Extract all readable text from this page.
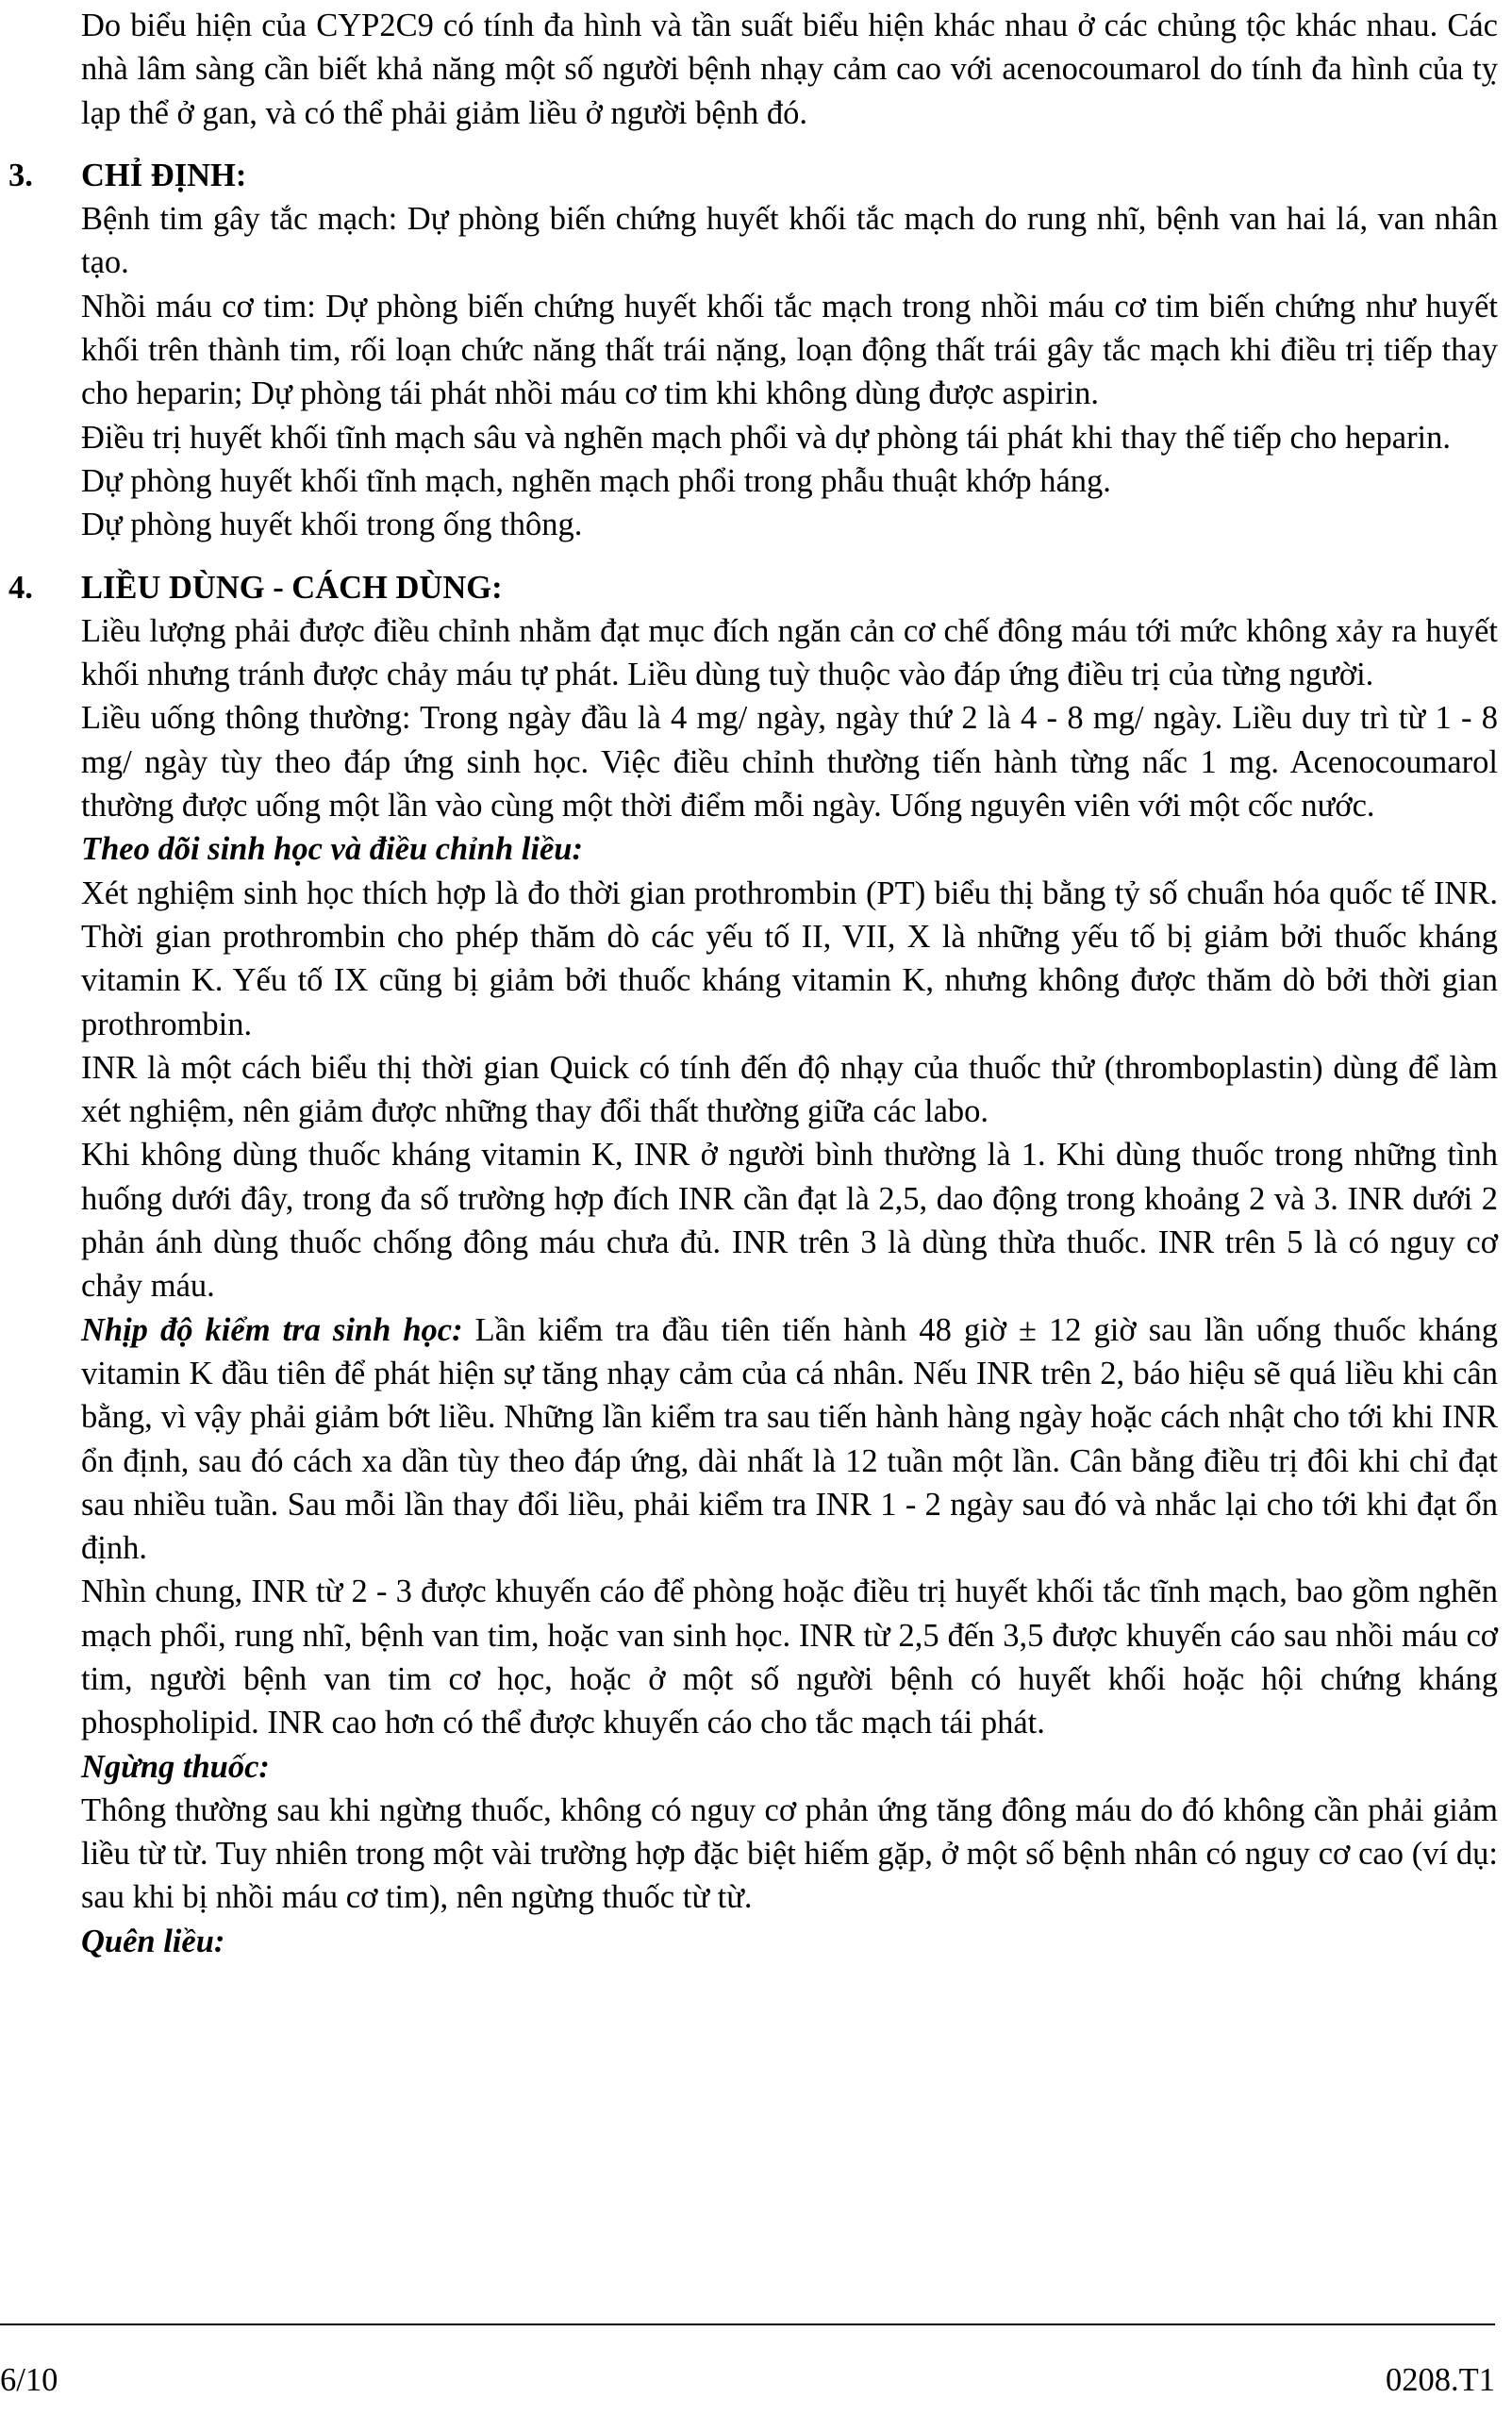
Do biểu hiện của CYP2C9 có tính đa hình và tần suất biểu hiện khác nhau ở các chủng tộc khác nhau. Các nhà lâm sàng cần biết khả năng một số người bệnh nhạy cảm cao với acenocoumarol do tính đa hình của tỵ lạp thể ở gan, và có thể phải giảm liều ở người bệnh đó.

3.	CHỈ ĐỊNH:

Bệnh tim gây tắc mạch: Dự phòng biến chứng huyết khối tắc mạch do rung nhĩ, bệnh van hai lá, van nhân tạo.

Nhồi máu cơ tim: Dự phòng biến chứng huyết khối tắc mạch trong nhồi máu cơ tim biến chứng như huyết khối trên thành tim, rối loạn chức năng thất trái nặng, loạn động thất trái gây tắc mạch khi điều trị tiếp thay cho heparin; Dự phòng tái phát nhồi máu cơ tim khi không dùng được aspirin.

Điều trị huyết khối tĩnh mạch sâu và nghẽn mạch phổi và dự phòng tái phát khi thay thế tiếp cho heparin.

Dự phòng huyết khối tĩnh mạch, nghẽn mạch phổi trong phẫu thuật khớp háng.

Dự phòng huyết khối trong ống thông.

4.	LIỀU DÙNG - CÁCH DÙNG:

Liều lượng phải được điều chỉnh nhằm đạt mục đích ngăn cản cơ chế đông máu tới mức không xảy ra huyết khối nhưng tránh được chảy máu tự phát. Liều dùng tuỳ thuộc vào đáp ứng điều trị của từng người.

Liều uống thông thường: Trong ngày đầu là 4 mg/ ngày, ngày thứ 2 là 4 - 8 mg/ ngày. Liều duy trì từ 1 - 8 mg/ ngày tùy theo đáp ứng sinh học. Việc điều chỉnh thường tiến hành từng nấc 1 mg. Acenocoumarol thường được uống một lần vào cùng một thời điểm mỗi ngày. Uống nguyên viên với một cốc nước.

Theo dõi sinh học và điều chỉnh liều:

Xét nghiệm sinh học thích hợp là đo thời gian prothrombin (PT) biểu thị bằng tỷ số chuẩn hóa quốc tế INR. Thời gian prothrombin cho phép thăm dò các yếu tố II, VII, X là những yếu tố bị giảm bởi thuốc kháng vitamin K. Yếu tố IX cũng bị giảm bởi thuốc kháng vitamin K, nhưng không được thăm dò bởi thời gian prothrombin.

INR là một cách biểu thị thời gian Quick có tính đến độ nhạy của thuốc thử (thromboplastin) dùng để làm xét nghiệm, nên giảm được những thay đổi thất thường giữa các labo.

Khi không dùng thuốc kháng vitamin K, INR ở người bình thường là 1. Khi dùng thuốc trong những tình huống dưới đây, trong đa số trường hợp đích INR cần đạt là 2,5, dao động trong khoảng 2 và 3. INR dưới 2 phản ánh dùng thuốc chống đông máu chưa đủ. INR trên 3 là dùng thừa thuốc. INR trên 5 là có nguy cơ chảy máu.

Nhịp độ kiểm tra sinh học: Lần kiểm tra đầu tiên tiến hành 48 giờ ± 12 giờ sau lần uống thuốc kháng vitamin K đầu tiên để phát hiện sự tăng nhạy cảm của cá nhân. Nếu INR trên 2, báo hiệu sẽ quá liều khi cân bằng, vì vậy phải giảm bớt liều. Những lần kiểm tra sau tiến hành hàng ngày hoặc cách nhật cho tới khi INR ổn định, sau đó cách xa dần tùy theo đáp ứng, dài nhất là 12 tuần một lần. Cân bằng điều trị đôi khi chỉ đạt sau nhiều tuần. Sau mỗi lần thay đổi liều, phải kiểm tra INR 1 - 2 ngày sau đó và nhắc lại cho tới khi đạt ổn định.

Nhìn chung, INR từ 2 - 3 được khuyến cáo để phòng hoặc điều trị huyết khối tắc tĩnh mạch, bao gồm nghẽn mạch phổi, rung nhĩ, bệnh van tim, hoặc van sinh học. INR từ 2,5 đến 3,5 được khuyến cáo sau nhồi máu cơ tim, người bệnh van tim cơ học, hoặc ở một số người bệnh có huyết khối hoặc hội chứng kháng phospholipid. INR cao hơn có thể được khuyến cáo cho tắc mạch tái phát.

Ngừng thuốc:

Thông thường sau khi ngừng thuốc, không có nguy cơ phản ứng tăng đông máu do đó không cần phải giảm liều từ từ. Tuy nhiên trong một vài trường hợp đặc biệt hiếm gặp, ở một số bệnh nhân có nguy cơ cao (ví dụ: sau khi bị nhồi máu cơ tim), nên ngừng thuốc từ từ.

Quên liều:

6/10	0208.T1
